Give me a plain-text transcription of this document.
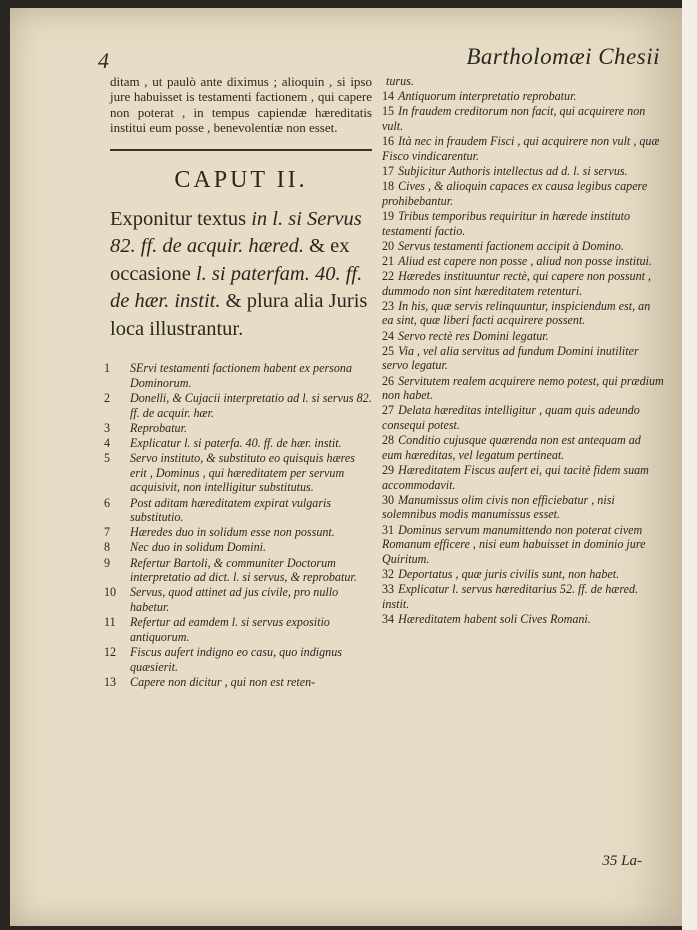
4	Bartholomæi Chesii
ditam , ut paulò ante diximus ; alioquin , si ipso jure habuisset is testamenti factionem , qui capere non poterat , in tempus capiendæ hæreditatis institui eum posse , benevolentiæ non esset.
CAPUT II.
Exponitur textus in l. si Servus 82. ff. de acquir. hæred. & ex occasione l. si paterfam. 40. ff. de hær. instit. & plura alia Juris loca illustrantur.
1	SErvi testamenti factionem habent ex persona Dominorum.
2	Donelli, & Cujacii interpretatio ad l. si servus 82. ff. de acquir. hær.
3	Reprobatur.
4	Explicatur l. si paterfa. 40. ff. de hær. instit.
5	Servo instituto, & substituto eo quisquis hæres erit , Dominus , qui hæreditatem per servum acquisivit, non intelligitur substitutus.
6	Post aditam hæreditatem expirat vulgaris substitutio.
7	Hæredes duo in solidum esse non possunt.
8	Nec duo in solidum Domini.
9	Refertur Bartoli, & communiter Doctorum interpretatio ad dict. l. si servus, & reprobatur.
10	Servus, quod attinet ad jus civile, pro nullo habetur.
11	Refertur ad eamdem l. si servus expositio antiquorum.
12	Fiscus aufert indigno eo casu, quo indignus quæsierit.
13	Capere non dicitur , qui non est reten-
turus.
14 Antiquorum interpretatio reprobatur.
15 In fraudem creditorum non facit, qui acquirere non vult.
16 Ità nec in fraudem Fisci , qui acquirere non vult , quæ Fisco vindicarentur.
17 Subjicitur Authoris intellectus ad d. l. si servus.
18 Cives , & alioquin capaces ex causa legibus capere prohibebantur.
19 Tribus temporibus requiritur in hærede instituto testamenti factio.
20 Servus testamenti factionem accipit à Domino.
21 Aliud est capere non posse , aliud non posse institui.
22 Hæredes instituuntur rectè, qui capere non possunt , dummodo non sint hæreditatem retenturi.
23 In his, quæ servis relinquuntur, inspiciendum est, an ea sint, quæ liberi facti acquirere possent.
24 Servo rectè res Domini legatur.
25 Via , vel alia servitus ad fundum Domini inutiliter servo legatur.
26 Servitutem realem acquirere nemo potest, qui prædium non habet.
27 Delata hæreditas intelligitur , quam quis adeundo consequi potest.
28 Conditio cujusque quærenda non est antequam ad eum hæreditas, vel legatum pertineat.
29 Hæreditatem Fiscus aufert ei, qui tacitè fidem suam accommodavit.
30 Manumissus olim civis non efficiebatur , nisi solemnibus modis manumissus esset.
31 Dominus servum manumittendo non poterat civem Romanum efficere , nisi eum habuisset in dominio jure Quiritum.
32 Deportatus , quæ juris civilis sunt, non habet.
33 Explicatur l. servus hæreditarius 52. ff. de hæred. instit.
34 Hæreditatem habent soli Cives Romani.
35 La-
